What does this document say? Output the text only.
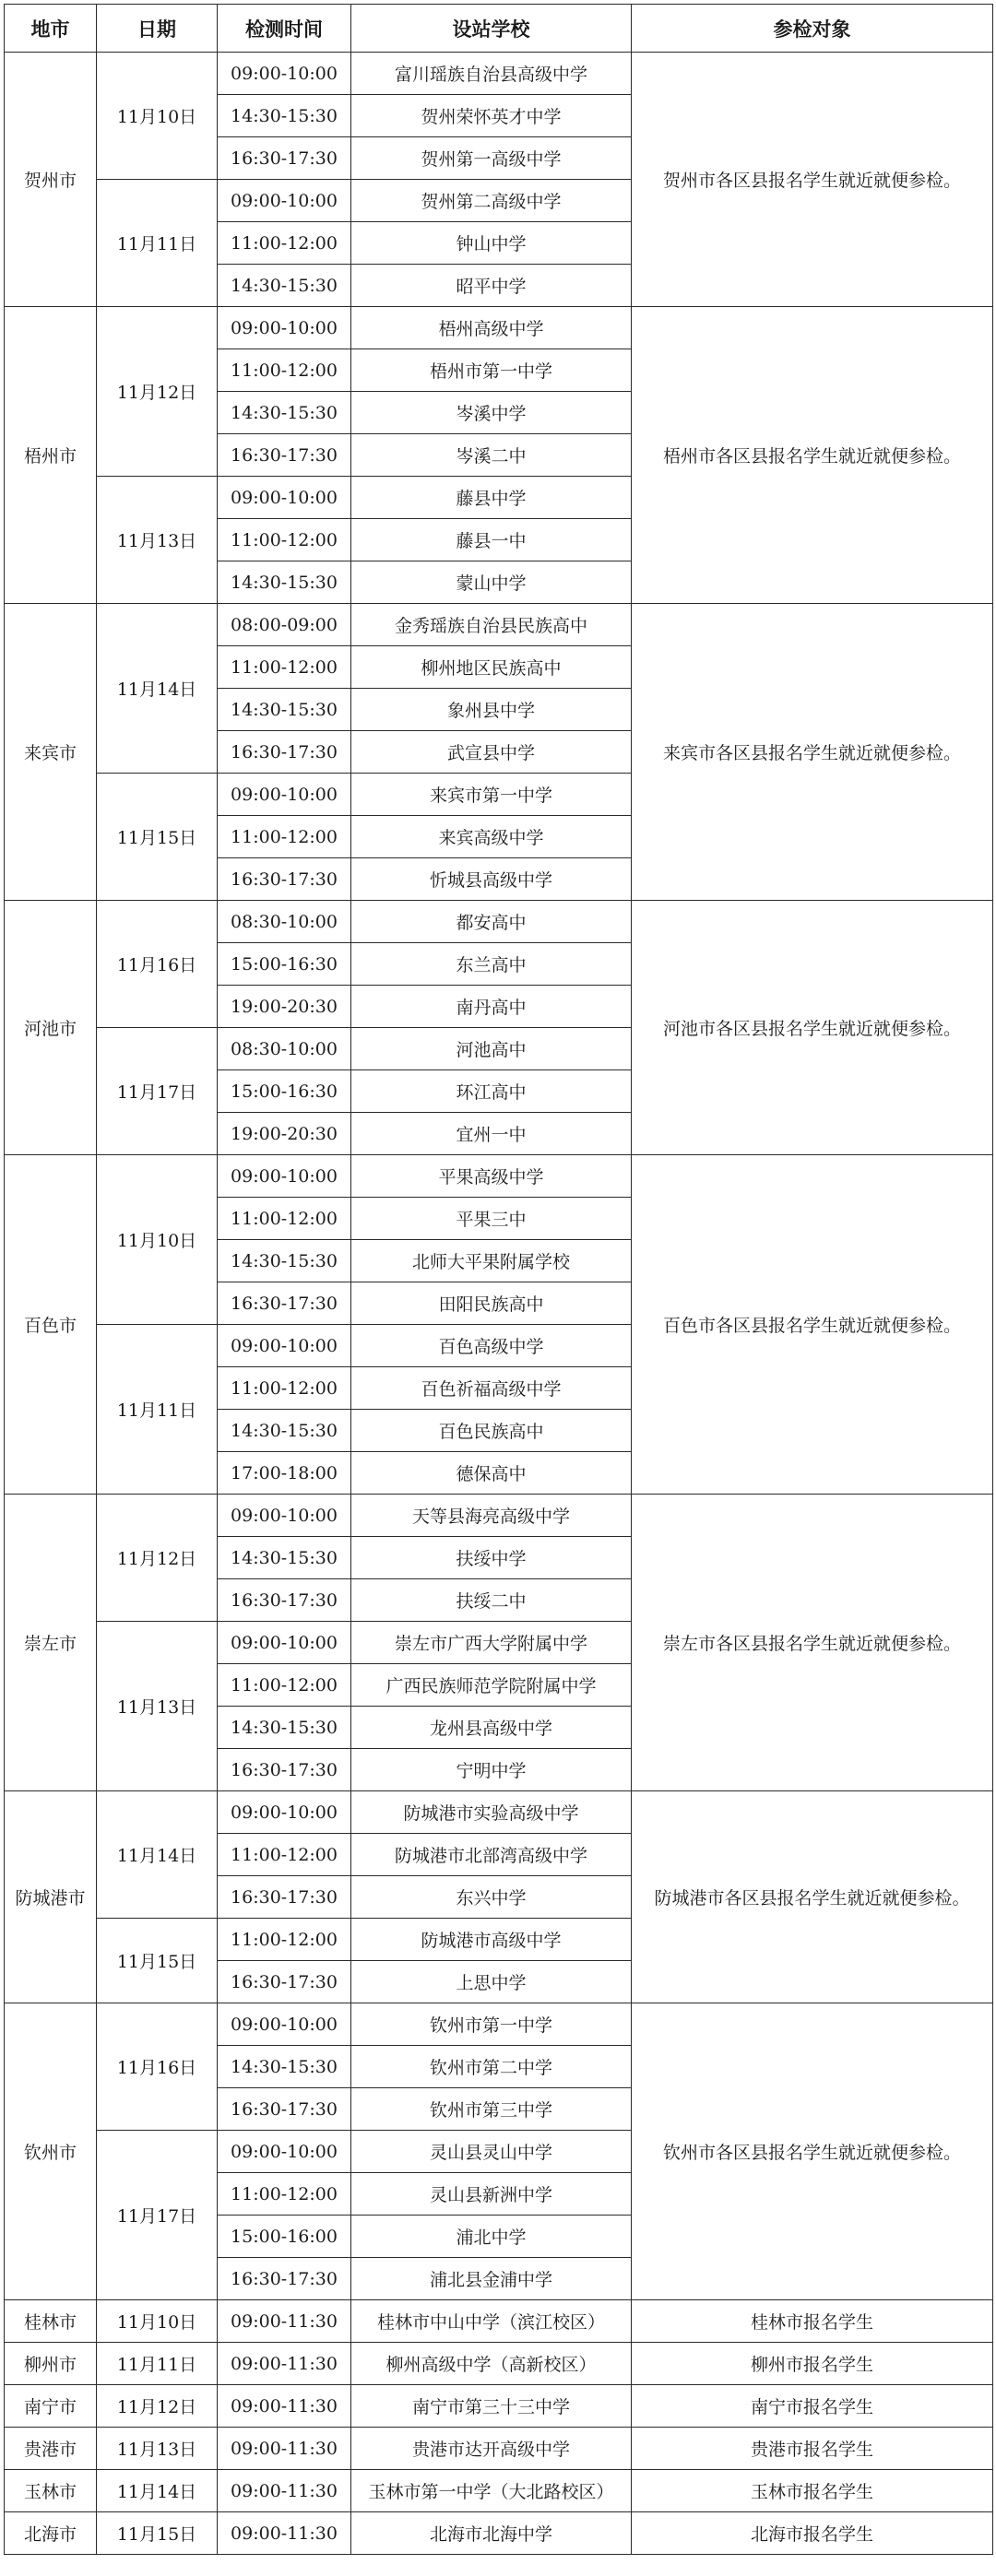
地市	日期	检测时间	设站学校	参检对象
贺州市	11月10日	09:00-10:00	富川瑶族自治县高级中学	贺州市各区县报名学生就近就便参检。
		14:30-15:30	贺州荣怀英才中学	
		16:30-17:30	贺州第一高级中学	
	11月11日	09:00-10:00	贺州第二高级中学	
		11:00-12:00	钟山中学	
		14:30-15:30	昭平中学	
梧州市	11月12日	09:00-10:00	梧州高级中学	梧州市各区县报名学生就近就便参检。
		11:00-12:00	梧州市第一中学	
		14:30-15:30	岑溪中学	
		16:30-17:30	岑溪二中	
	11月13日	09:00-10:00	藤县中学	
		11:00-12:00	藤县一中	
		14:30-15:30	蒙山中学	
来宾市	11月14日	08:00-09:00	金秀瑶族自治县民族高中	来宾市各区县报名学生就近就便参检。
		11:00-12:00	柳州地区民族高中	
		14:30-15:30	象州县中学	
		16:30-17:30	武宣县中学	
	11月15日	09:00-10:00	来宾市第一中学	
		11:00-12:00	来宾高级中学	
		16:30-17:30	忻城县高级中学	
河池市	11月16日	08:30-10:00	都安高中	河池市各区县报名学生就近就便参检。
		15:00-16:30	东兰高中	
		19:00-20:30	南丹高中	
	11月17日	08:30-10:00	河池高中	
		15:00-16:30	环江高中	
		19:00-20:30	宜州一中	
百色市	11月10日	09:00-10:00	平果高级中学	百色市各区县报名学生就近就便参检。
		11:00-12:00	平果三中	
		14:30-15:30	北师大平果附属学校	
		16:30-17:30	田阳民族高中	
	11月11日	09:00-10:00	百色高级中学	
		11:00-12:00	百色祈福高级中学	
		14:30-15:30	百色民族高中	
		17:00-18:00	德保高中	
崇左市	11月12日	09:00-10:00	天等县海亮高级中学	崇左市各区县报名学生就近就便参检。
		14:30-15:30	扶绥中学	
		16:30-17:30	扶绥二中	
	11月13日	09:00-10:00	崇左市广西大学附属中学	
		11:00-12:00	广西民族师范学院附属中学	
		14:30-15:30	龙州县高级中学	
		16:30-17:30	宁明中学	
防城港市	11月14日	09:00-10:00	防城港市实验高级中学	防城港市各区县报名学生就近就便参检。
		11:00-12:00	防城港市北部湾高级中学	
		16:30-17:30	东兴中学	
	11月15日	11:00-12:00	防城港市高级中学	
		16:30-17:30	上思中学	
钦州市	11月16日	09:00-10:00	钦州市第一中学	钦州市各区县报名学生就近就便参检。
		14:30-15:30	钦州市第二中学	
		16:30-17:30	钦州市第三中学	
	11月17日	09:00-10:00	灵山县灵山中学	
		11:00-12:00	灵山县新洲中学	
		15:00-16:00	浦北中学	
		16:30-17:30	浦北县金浦中学	
桂林市	11月10日	09:00-11:30	桂林市中山中学（滨江校区）	桂林市报名学生
柳州市	11月11日	09:00-11:30	柳州高级中学（高新校区）	柳州市报名学生
南宁市	11月12日	09:00-11:30	南宁市第三十三中学	南宁市报名学生
贵港市	11月13日	09:00-11:30	贵港市达开高级中学	贵港市报名学生
玉林市	11月14日	09:00-11:30	玉林市第一中学（大北路校区）	玉林市报名学生
北海市	11月15日	09:00-11:30	北海市北海中学	北海市报名学生
